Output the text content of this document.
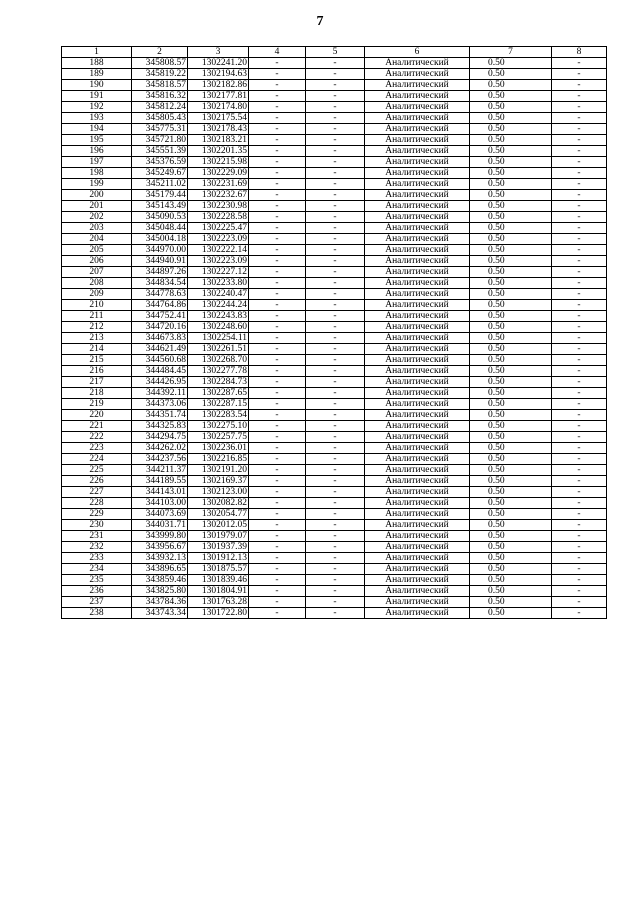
7
1	2	3	4	5	6	7	8
188	345808.57	1302241.20	-	-	Аналитический	0.50	-
189	345819.22	1302194.63	-	-	Аналитический	0.50	-
190	345818.57	1302182.86	-	-	Аналитический	0.50	-
191	345816.32	1302177.81	-	-	Аналитический	0.50	-
192	345812.24	1302174.80	-	-	Аналитический	0.50	-
193	345805.43	1302175.54	-	-	Аналитический	0.50	-
194	345775.31	1302178.43	-	-	Аналитический	0.50	-
195	345721.80	1302183.21	-	-	Аналитический	0.50	-
196	345551.39	1302201.35	-	-	Аналитический	0.50	-
197	345376.59	1302215.98	-	-	Аналитический	0.50	-
198	345249.67	1302229.09	-	-	Аналитический	0.50	-
199	345211.02	1302231.69	-	-	Аналитический	0.50	-
200	345179.44	1302232.67	-	-	Аналитический	0.50	-
201	345143.49	1302230.98	-	-	Аналитический	0.50	-
202	345090.53	1302228.58	-	-	Аналитический	0.50	-
203	345048.44	1302225.47	-	-	Аналитический	0.50	-
204	345004.18	1302223.09	-	-	Аналитический	0.50	-
205	344970.00	1302222.14	-	-	Аналитический	0.50	-
206	344940.91	1302223.09	-	-	Аналитический	0.50	-
207	344897.26	1302227.12	-	-	Аналитический	0.50	-
208	344834.54	1302233.80	-	-	Аналитический	0.50	-
209	344778.63	1302240.47	-	-	Аналитический	0.50	-
210	344764.86	1302244.24	-	-	Аналитический	0.50	-
211	344752.41	1302243.83	-	-	Аналитический	0.50	-
212	344720.16	1302248.60	-	-	Аналитический	0.50	-
213	344673.83	1302254.11	-	-	Аналитический	0.50	-
214	344621.49	1302261.51	-	-	Аналитический	0.50	-
215	344560.68	1302268.70	-	-	Аналитический	0.50	-
216	344484.45	1302277.78	-	-	Аналитический	0.50	-
217	344426.95	1302284.73	-	-	Аналитический	0.50	-
218	344392.11	1302287.65	-	-	Аналитический	0.50	-
219	344373.06	1302287.15	-	-	Аналитический	0.50	-
220	344351.74	1302283.54	-	-	Аналитический	0.50	-
221	344325.83	1302275.10	-	-	Аналитический	0.50	-
222	344294.75	1302257.75	-	-	Аналитический	0.50	-
223	344262.02	1302236.01	-	-	Аналитический	0.50	-
224	344237.56	1302216.85	-	-	Аналитический	0.50	-
225	344211.37	1302191.20	-	-	Аналитический	0.50	-
226	344189.55	1302169.37	-	-	Аналитический	0.50	-
227	344143.01	1302123.00	-	-	Аналитический	0.50	-
228	344103.00	1302082.82	-	-	Аналитический	0.50	-
229	344073.69	1302054.77	-	-	Аналитический	0.50	-
230	344031.71	1302012.05	-	-	Аналитический	0.50	-
231	343999.80	1301979.07	-	-	Аналитический	0.50	-
232	343956.67	1301937.39	-	-	Аналитический	0.50	-
233	343932.13	1301912.13	-	-	Аналитический	0.50	-
234	343896.65	1301875.57	-	-	Аналитический	0.50	-
235	343859.46	1301839.46	-	-	Аналитический	0.50	-
236	343825.80	1301804.91	-	-	Аналитический	0.50	-
237	343784.36	1301763.28	-	-	Аналитический	0.50	-
238	343743.34	1301722.80	-	-	Аналитический	0.50	-
